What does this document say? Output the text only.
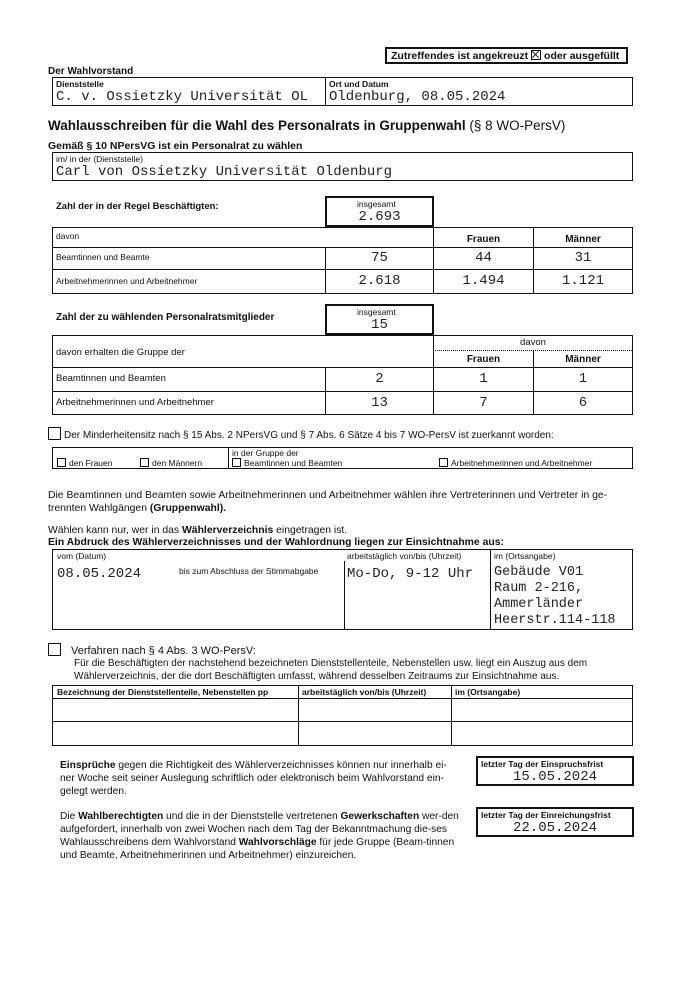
Zutreffendes ist angekreuzt oder ausgefüllt
Der Wahlvorstand
Dienststelle
C. v. Ossietzky Universität OL
Ort und Datum
Oldenburg, 08.05.2024
Wahlausschreiben für die Wahl des Personalrats in Gruppenwahl (§ 8 WO-PersV)
Gemäß § 10 NPersVG ist ein Personalrat zu wählen
im/ in der (Dienststelle)
Carl von Ossietzky Universität Oldenburg
Zahl der in der Regel Beschäftigten:	insgesamt
2.693
davon	Frauen	Männer
Beamtinnen und Beamte	75	44	31
Arbeitnehmerinnen und Arbeitnehmer	2.618	1.494	1.121
Zahl der zu wählenden Personalratsmitglieder	insgesamt
15
davon erhalten die Gruppe der
davon
Frauen	Männer
Beamtinnen und Beamten	2	1	1
Arbeitnehmerinnen und Arbeitnehmer	13	7	6
Der Minderheitensitz nach § 15 Abs. 2 NPersVG und § 7 Abs. 6 Sätze 4 bis 7 WO-PersV ist zuerkannt worden:
den Frauen	den Männern
in der Gruppe der
Beamtinnen und Beamten	Arbeitnehmerinnen und Arbeitnehmer
Die Beamtinnen und Beamten sowie Arbeitnehmerinnen und Arbeitnehmer wählen ihre Vertreterinnen und Vertreter in ge-trennten Wahlgängen (Gruppenwahl).
Wählen kann nur, wer in das Wählerverzeichnis eingetragen ist.
Ein Abdruck des Wählerverzeichnisses und der Wahlordnung liegen zur Einsichtnahme aus:
vom (Datum)
08.05.2024	bis zum Abschluss der Stimmabgabe
arbeitstäglich von/bis (Uhrzeit)
Mo-Do, 9-12 Uhr
im (Ortsangabe)
Gebäude V01
Raum 2-216,
Ammerländer
Heerstr.114-118
Verfahren nach § 4 Abs. 3 WO-PersV:
Für die Beschäftigten der nachstehend bezeichneten Dienststellenteile, Nebenstellen usw. liegt ein Auszug aus dem Wählerverzeichnis, der die dort Beschäftigten umfasst, während desselben Zeitraums zur Einsichtnahme aus.
Bezeichnung der Dienststellenteile, Nebenstellen pp	arbeitstäglich von/bis (Uhrzeit)	im (Ortsangabe)
Einsprüche gegen die Richtigkeit des Wählerverzeichnisses können nur innerhalb ei-ner Woche seit seiner Auslegung schriftlich oder elektronisch beim Wahlvorstand ein-gelegt werden.
letzter Tag der Einspruchsfrist
15.05.2024
Die Wahlberechtigten und die in der Dienststelle vertretenen Gewerkschaften wer-den aufgefordert, innerhalb von zwei Wochen nach dem Tag der Bekanntmachung die-ses Wahlausschreibens dem Wahlvorstand Wahlvorschläge für jede Gruppe (Beam-tinnen und Beamte, Arbeitnehmerinnen und Arbeitnehmer) einzureichen.
letzter Tag der Einreichungsfrist
22.05.2024
